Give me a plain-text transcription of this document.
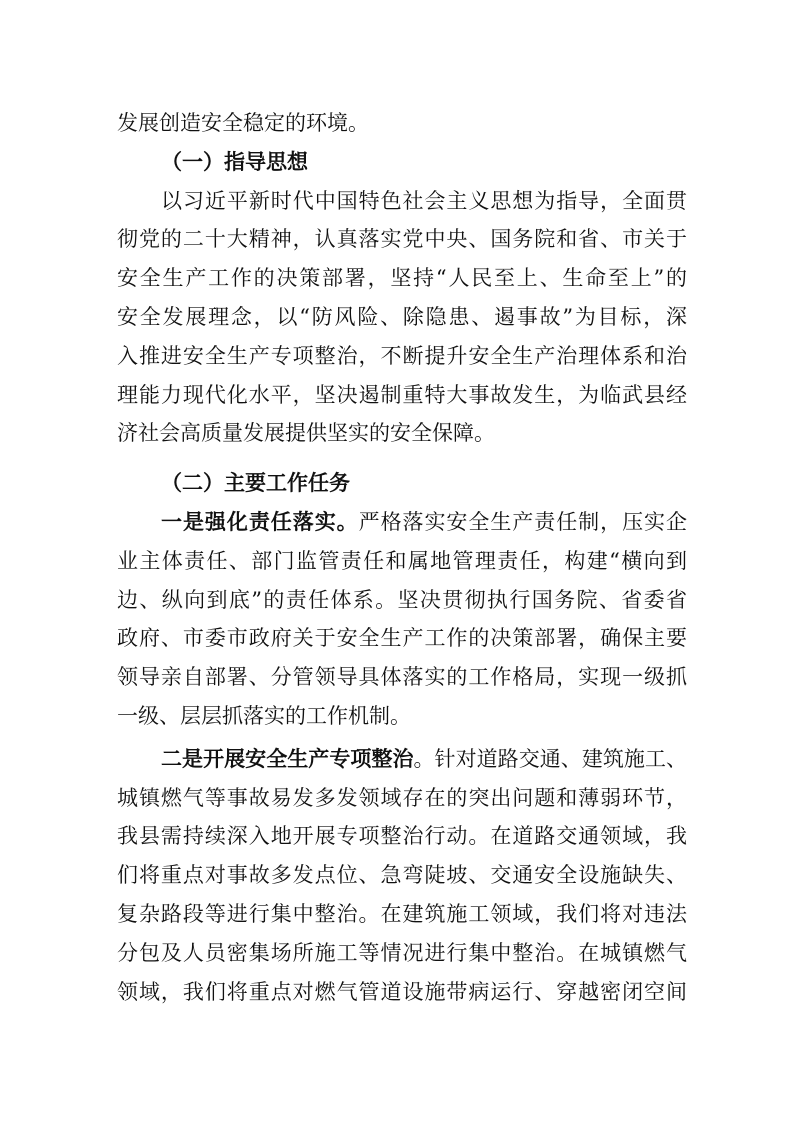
发展创造安全稳定的环境。
（一）指导思想
以习近平新时代中国特色社会主义思想为指导，全面贯
彻党的二十大精神，认真落实党中央、国务院和省、市关于
安全生产工作的决策部署，坚持“人民至上、生命至上”的
安全发展理念，以“防风险、除隐患、遏事故”为目标，深
入推进安全生产专项整治，不断提升安全生产治理体系和治
理能力现代化水平，坚决遏制重特大事故发生，为临武县经
济社会高质量发展提供坚实的安全保障。
（二）主要工作任务
一是强化责任落实。严格落实安全生产责任制，压实企
业主体责任、部门监管责任和属地管理责任，构建“横向到
边、纵向到底”的责任体系。坚决贯彻执行国务院、省委省
政府、市委市政府关于安全生产工作的决策部署，确保主要
领导亲自部署、分管领导具体落实的工作格局，实现一级抓
一级、层层抓落实的工作机制。
二是开展安全生产专项整治。针对道路交通、建筑施工、
城镇燃气等事故易发多发领域存在的突出问题和薄弱环节，
我县需持续深入地开展专项整治行动。在道路交通领域，我
们将重点对事故多发点位、急弯陡坡、交通安全设施缺失、
复杂路段等进行集中整治。在建筑施工领域，我们将对违法
分包及人员密集场所施工等情况进行集中整治。在城镇燃气
领域，我们将重点对燃气管道设施带病运行、穿越密闭空间
